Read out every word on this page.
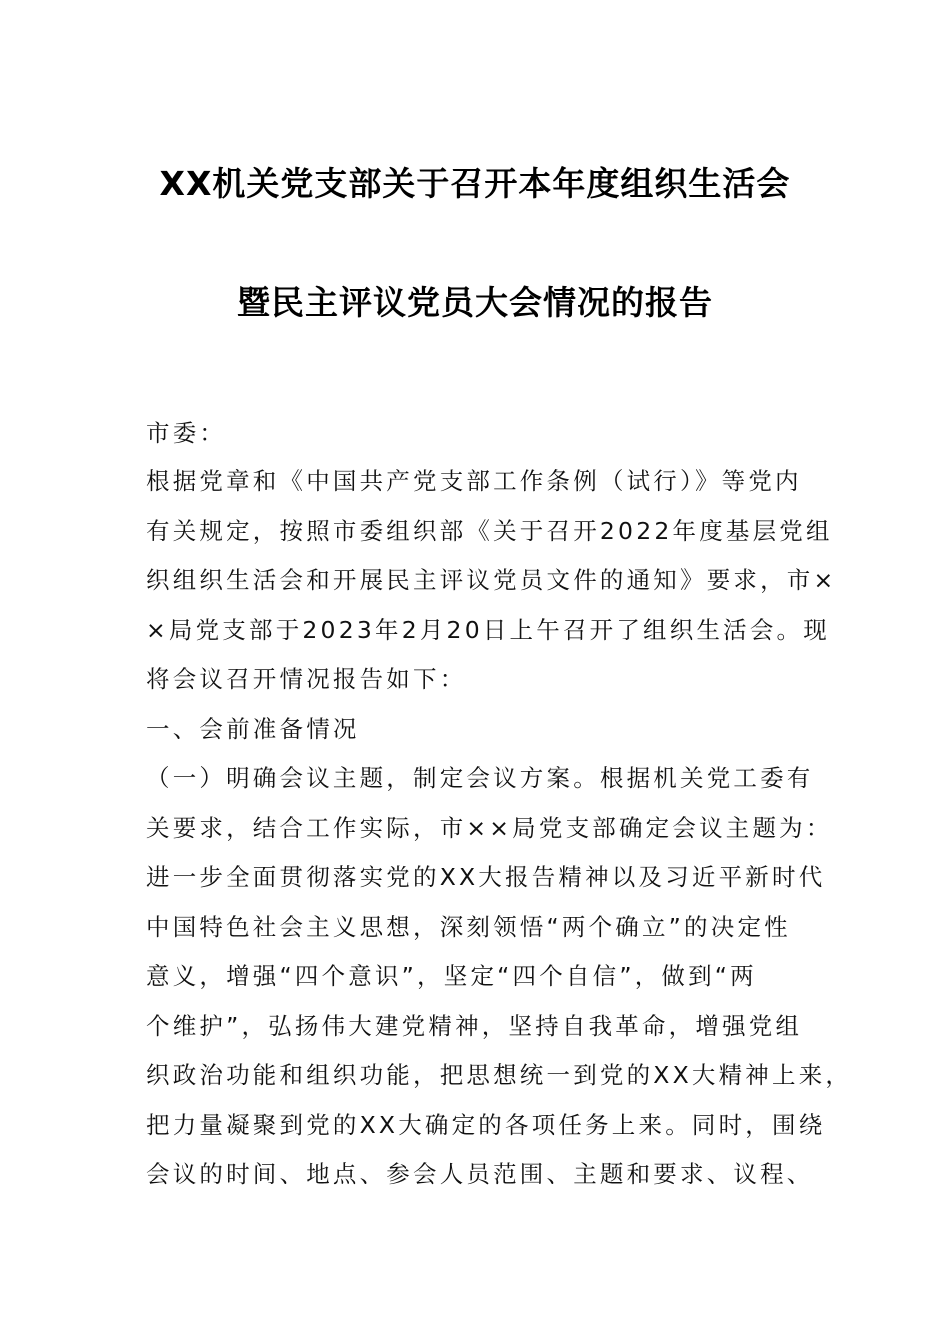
XX机关党支部关于召开本年度组织生活会
暨民主评议党员大会情况的报告
市委：
根据党章和《中国共产党支部工作条例（试行）》等党内
有关规定，按照市委组织部《关于召开2022年度基层党组
织组织生活会和开展民主评议党员文件的通知》要求，市×
×局党支部于2023年2月20日上午召开了组织生活会。现
将会议召开情况报告如下：
一、会前准备情况
（一）明确会议主题，制定会议方案。根据机关党工委有
关要求，结合工作实际，市××局党支部确定会议主题为：
进一步全面贯彻落实党的XX大报告精神以及习近平新时代
中国特色社会主义思想，深刻领悟“两个确立”的决定性
意义，增强“四个意识”，坚定“四个自信”，做到“两
个维护”，弘扬伟大建党精神，坚持自我革命，增强党组
织政治功能和组织功能，把思想统一到党的XX大精神上来，
把力量凝聚到党的XX大确定的各项任务上来。同时，围绕
会议的时间、地点、参会人员范围、主题和要求、议程、
